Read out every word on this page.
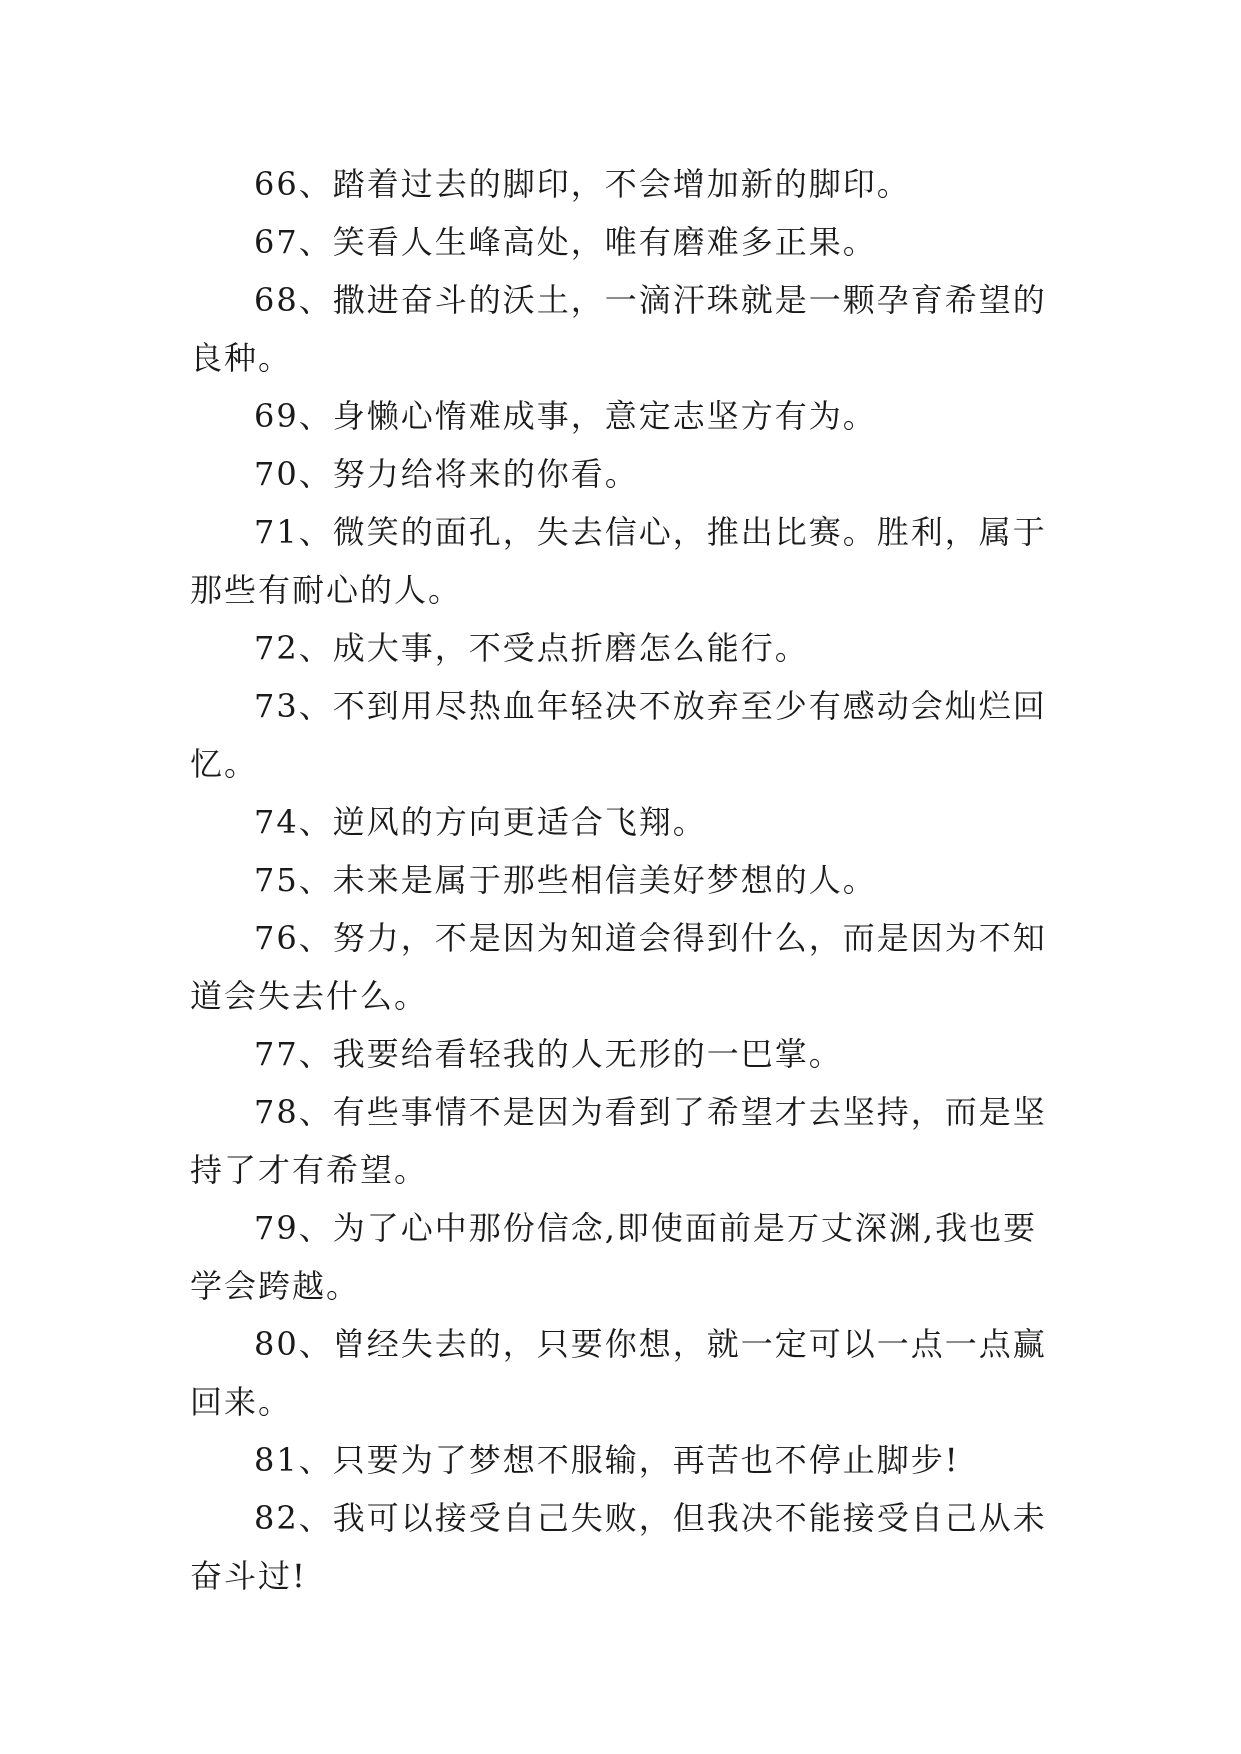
66、踏着过去的脚印，不会增加新的脚印。

67、笑看人生峰高处，唯有磨难多正果。

68、撒进奋斗的沃土，一滴汗珠就是一颗孕育希望的良种。

69、身懒心惰难成事，意定志坚方有为。

70、努力给将来的你看。

71、微笑的面孔，失去信心，推出比赛。胜利，属于那些有耐心的人。

72、成大事，不受点折磨怎么能行。

73、不到用尽热血年轻决不放弃至少有感动会灿烂回忆。

74、逆风的方向更适合飞翔。

75、未来是属于那些相信美好梦想的人。

76、努力，不是因为知道会得到什么，而是因为不知道会失去什么。

77、我要给看轻我的人无形的一巴掌。

78、有些事情不是因为看到了希望才去坚持，而是坚持了才有希望。

79、为了心中那份信念,即使面前是万丈深渊,我也要学会跨越。

80、曾经失去的，只要你想，就一定可以一点一点赢回来。

81、只要为了梦想不服输，再苦也不停止脚步!

82、我可以接受自己失败，但我决不能接受自己从未奋斗过!
